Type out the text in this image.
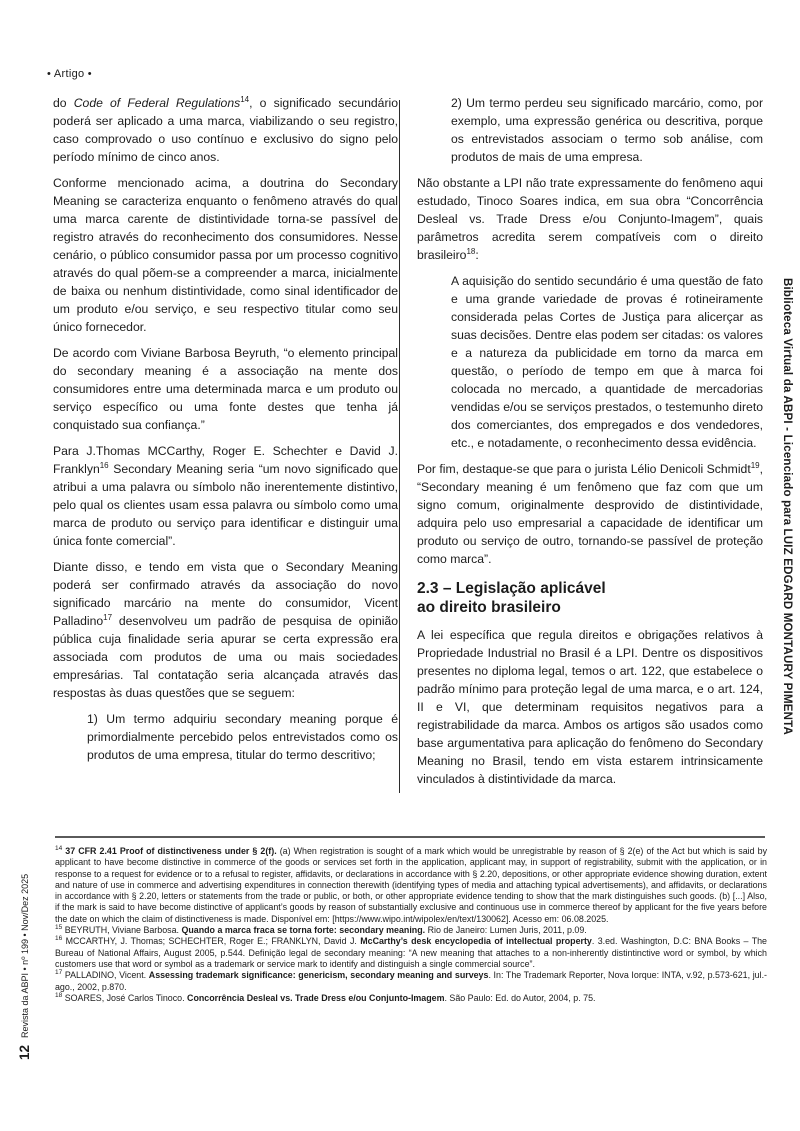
• Artigo •

do Code of Federal Regulations$^{14}$, o significado secundário poderá ser aplicado a uma marca, viabilizando o seu registro, caso comprovado o uso contínuo e exclusivo do signo pelo período mínimo de cinco anos.

Conforme mencionado acima, a doutrina do Secondary Meaning se caracteriza enquanto o fenômeno através do qual uma marca carente de distintividade torna-se passível de registro através do reconhecimento dos consumidores. Nesse cenário, o público consumidor passa por um processo cognitivo através do qual põem-se a compreender a marca, inicialmente de baixa ou nenhum distintividade, como sinal identificador de um produto e/ou serviço, e seu respectivo titular como seu único fornecedor.

De acordo com Viviane Barbosa Beyruth, “o elemento principal do secondary meaning é a associação na mente dos consumidores entre uma determinada marca e um produto ou serviço específico ou uma fonte destes que tenha já conquistado sua confiança.”

Para J.Thomas MCCarthy, Roger E. Schechter e David J. Franklyn$^{16}$ Secondary Meaning seria “um novo significado que atribui a uma palavra ou símbolo não inerentemente distintivo, pelo qual os clientes usam essa palavra ou símbolo como uma marca de produto ou serviço para identificar e distinguir uma única fonte comercial”.

Diante disso, e tendo em vista que o Secondary Meaning poderá ser confirmado através da associação do novo significado marcário na mente do consumidor, Vicent Palladino$^{17}$ desenvolveu um padrão de pesquisa de opinião pública cuja finalidade seria apurar se certa expressão era associada com produtos de uma ou mais sociedades empresárias. Tal contatação seria alcançada através das respostas às duas questões que se seguem:

1) Um termo adquiriu secondary meaning porque é primordialmente percebido pelos entrevistados como os produtos de uma empresa, titular do termo descritivo;

2) Um termo perdeu seu significado marcário, como, por exemplo, uma expressão genérica ou descritiva, porque os entrevistados associam o termo sob análise, com produtos de mais de uma empresa.

Não obstante a LPI não trate expressamente do fenômeno aqui estudado, Tinoco Soares indica, em sua obra “Concorrência Desleal vs. Trade Dress e/ou Conjunto-Imagem”, quais parâmetros acredita serem compatíveis com o direito brasileiro$^{18}$:

A aquisição do sentido secundário é uma questão de fato e uma grande variedade de provas é rotineiramente considerada pelas Cortes de Justiça para alicerçar as suas decisões. Dentre elas podem ser citadas: os valores e a natureza da publicidade em torno da marca em questão, o período de tempo em que à marca foi colocada no mercado, a quantidade de mercadorias vendidas e/ou se serviços prestados, o testemunho direto dos comerciantes, dos empregados e dos vendedores, etc., e notadamente, o reconhecimento dessa evidência.

Por fim, destaque-se que para o jurista Lélio Denicoli Schmidt$^{19}$, “Secondary meaning é um fenômeno que faz com que um signo comum, originalmente desprovido de distintividade, adquira pelo uso empresarial a capacidade de identificar um produto ou serviço de outro, tornando-se passível de proteção como marca”.

2.3 – Legislação aplicável
ao direito brasileiro

A lei específica que regula direitos e obrigações relativos à Propriedade Industrial no Brasil é a LPI. Dentre os dispositivos presentes no diploma legal, temos o art. 122, que estabelece o padrão mínimo para proteção legal de uma marca, e o art. 124, II e VI, que determinam requisitos negativos para a registrabilidade da marca. Ambos os artigos são usados como base argumentativa para aplicação do fenômeno do Secondary Meaning no Brasil, tendo em vista estarem intrinsicamente vinculados à distintividade da marca.

$^{14}$ 37 CFR 2.41 Proof of distinctiveness under § 2(f). (a) When registration is sought of a mark which would be unregistrable by reason of § 2(e) of the Act but which is said by applicant to have become distinctive in commerce of the goods or services set forth in the application, applicant may, in support of registrability, submit with the application, or in response to a request for evidence or to a refusal to register, affidavits, or declarations in accordance with § 2.20, depositions, or other appropriate evidence showing duration, extent and nature of use in commerce and advertising expenditures in connection therewith (identifying types of media and attaching typical advertisements), and affidavits, or declarations in accordance with § 2.20, letters or statements from the trade or public, or both, or other appropriate evidence tending to show that the mark distinguishes such goods. (b) [...] Also, if the mark is said to have become distinctive of applicant’s goods by reason of substantially exclusive and continuous use in commerce thereof by applicant for the five years before the date on which the claim of distinctiveness is made. Disponível em: [https://www.wipo.int/wipolex/en/text/130062]. Acesso em: 06.08.2025.

$^{15}$ BEYRUTH, Viviane Barbosa. Quando a marca fraca se torna forte: secondary meaning. Rio de Janeiro: Lumen Juris, 2011, p.09.

$^{16}$ MCCARTHY, J. Thomas; SCHECHTER, Roger E.; FRANKLYN, David J. McCarthy’s desk encyclopedia of intellectual property. 3.ed. Washington, D.C: BNA Books – The Bureau of National Affairs, August 2005, p.544. Definição legal de secondary meaning: “A new meaning that attaches to a non-inherently distintinctive word or symbol, by which customers use that word or symbol as a trademark or service mark to identify and distinguish a single commercial source”.

$^{17}$ PALLADINO, Vicent. Assessing trademark significance: genericism, secondary meaning and surveys. In: The Trademark Reporter, Nova Iorque: INTA, v.92, p.573-621, jul.-ago., 2002, p.870.

$^{18}$ SOARES, José Carlos Tinoco. Concorrência Desleal vs. Trade Dress e/ou Conjunto-Imagem. São Paulo: Ed. do Autor, 2004, p. 75.

Biblioteca Virtual da ABPI - Licenciado para LUIZ EDGARD MONTAURY PIMENTA
Revista da ABPI • nº 199 • Nov/Dez 2025
12
